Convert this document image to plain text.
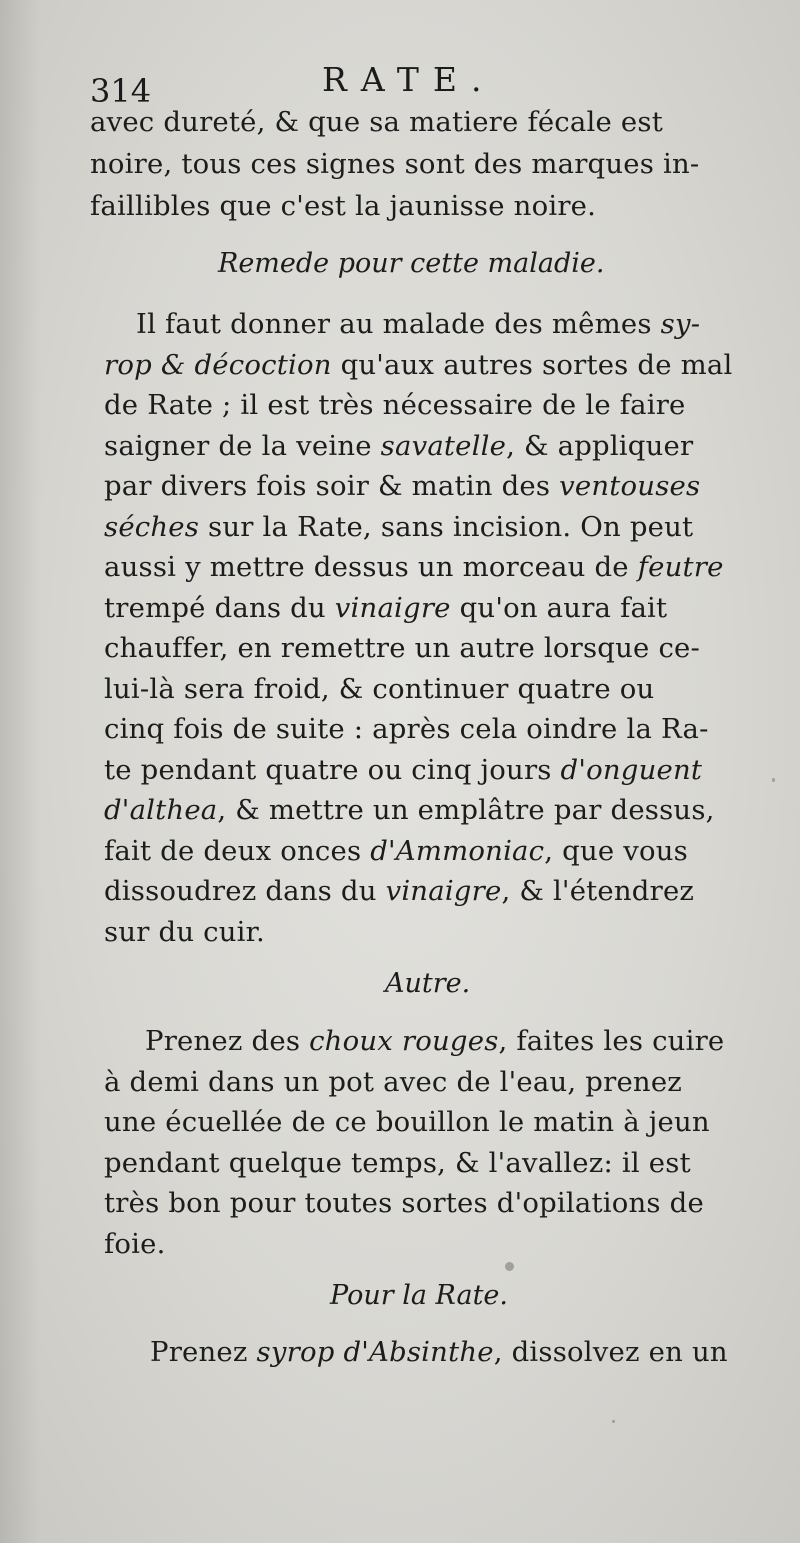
314	RATE.
avec dureté, & que sa matiere fécale est
noire, tous ces signes sont des marques in-
faillibles que c'est la jaunisse noire.
Remede pour cette maladie.
Il faut donner au malade des mêmes sy-
rop & décoction qu'aux autres sortes de mal
de Rate ; il est très nécessaire de le faire
saigner de la veine savatelle, & appliquer
par divers fois soir & matin des ventouses
séches sur la Rate, sans incision. On peut
aussi y mettre dessus un morceau de feutre
trempé dans du vinaigre qu'on aura fait
chauffer, en remettre un autre lorsque ce-
lui-là sera froid, & continuer quatre ou
cinq fois de suite : après cela oindre la Ra-
te pendant quatre ou cinq jours d'onguent
d'althea, & mettre un emplâtre par dessus,
fait de deux onces d'Ammoniac, que vous
dissoudrez dans du vinaigre, & l'étendrez
sur du cuir.
Autre.
Prenez des choux rouges, faites les cuire
à demi dans un pot avec de l'eau, prenez
une écuellée de ce bouillon le matin à jeun
pendant quelque temps, & l'avallez: il est
très bon pour toutes sortes d'opilations de
foie.
Pour la Rate.
Prenez syrop d'Absinthe, dissolvez en un
